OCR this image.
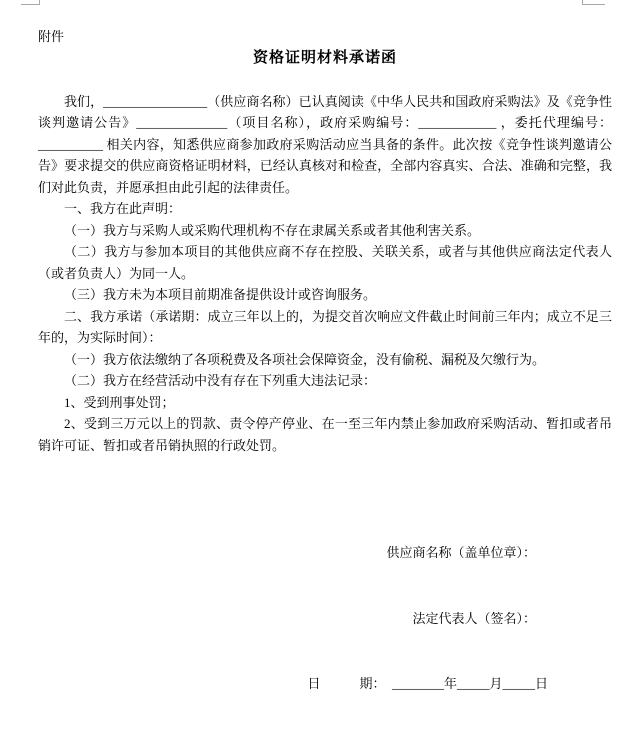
附件

资格证明材料承诺函

我们，________________（供应商名称）已认真阅读《中华人民共和国政府采购法》及《竞争性谈判邀请公告》______________（项目名称），政府采购编号：____________ ，委托代理编号：__________ 相关内容，知悉供应商参加政府采购活动应当具备的条件。此次按《竞争性谈判邀请公告》要求提交的供应商资格证明材料，已经认真核对和检查，全部内容真实、合法、准确和完整，我们对此负责，并愿承担由此引起的法律责任。

一、我方在此声明：

（一）我方与采购人或采购代理机构不存在隶属关系或者其他利害关系。

（二）我方与参加本项目的其他供应商不存在控股、关联关系，或者与其他供应商法定代表人（或者负责人）为同一人。

（三）我方未为本项目前期准备提供设计或咨询服务。

二、我方承诺（承诺期：成立三年以上的，为提交首次响应文件截止时间前三年内；成立不足三年的，为实际时间）：

（一）我方依法缴纳了各项税费及各项社会保障资金，没有偷税、漏税及欠缴行为。

（二）我方在经营活动中没有存在下列重大违法记录：

1、受到刑事处罚；

2、受到三万元以上的罚款、责令停产停业、在一至三年内禁止参加政府采购活动、暂扣或者吊销许可证、暂扣或者吊销执照的行政处罚。

供应商名称（盖单位章）：

法定代表人（签名）：

日　　　期：  ________年_____月_____日
